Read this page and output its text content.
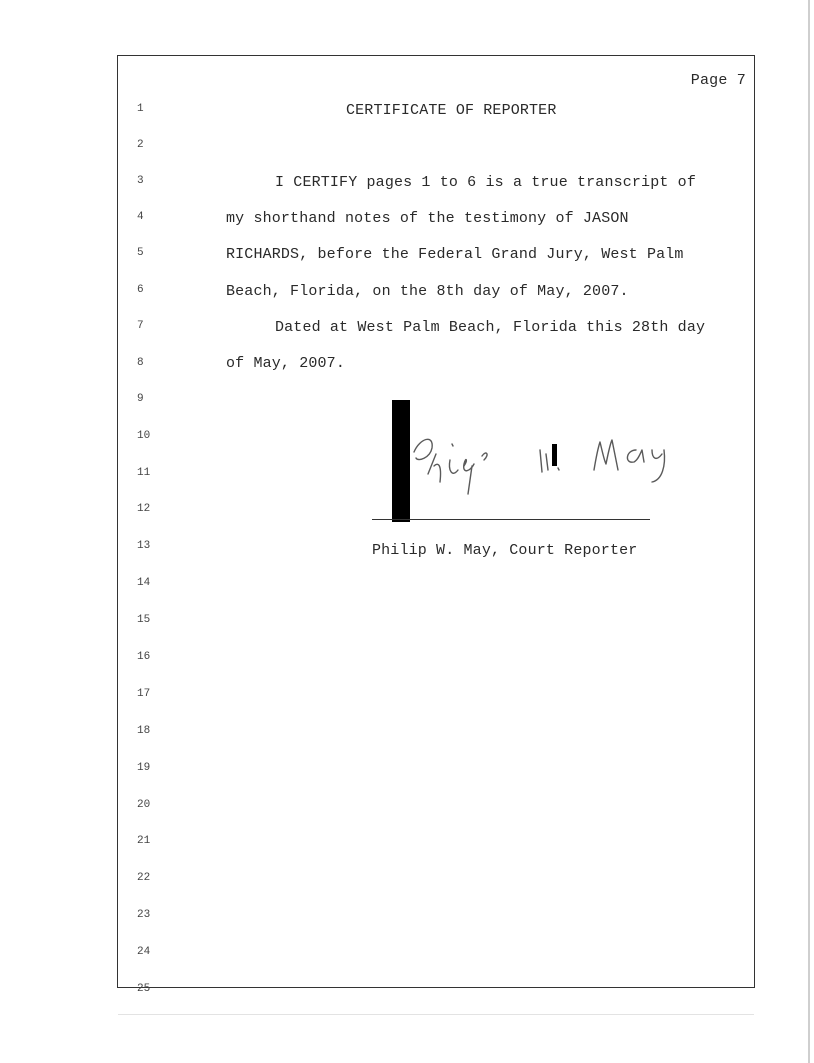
Page 7
1
2
3
4
5
6
7
8
9
10
11
12
13
14
15
16
17
18
19
20
21
22
23
24
25
CERTIFICATE OF REPORTER
I CERTIFY pages 1 to 6 is a true transcript of
my shorthand notes of the testimony of JASON
RICHARDS, before the Federal Grand Jury, West Palm
Beach, Florida, on the 8th day of May, 2007.
Dated at West Palm Beach, Florida this 28th day
of May, 2007.
Philip W. May, Court Reporter
